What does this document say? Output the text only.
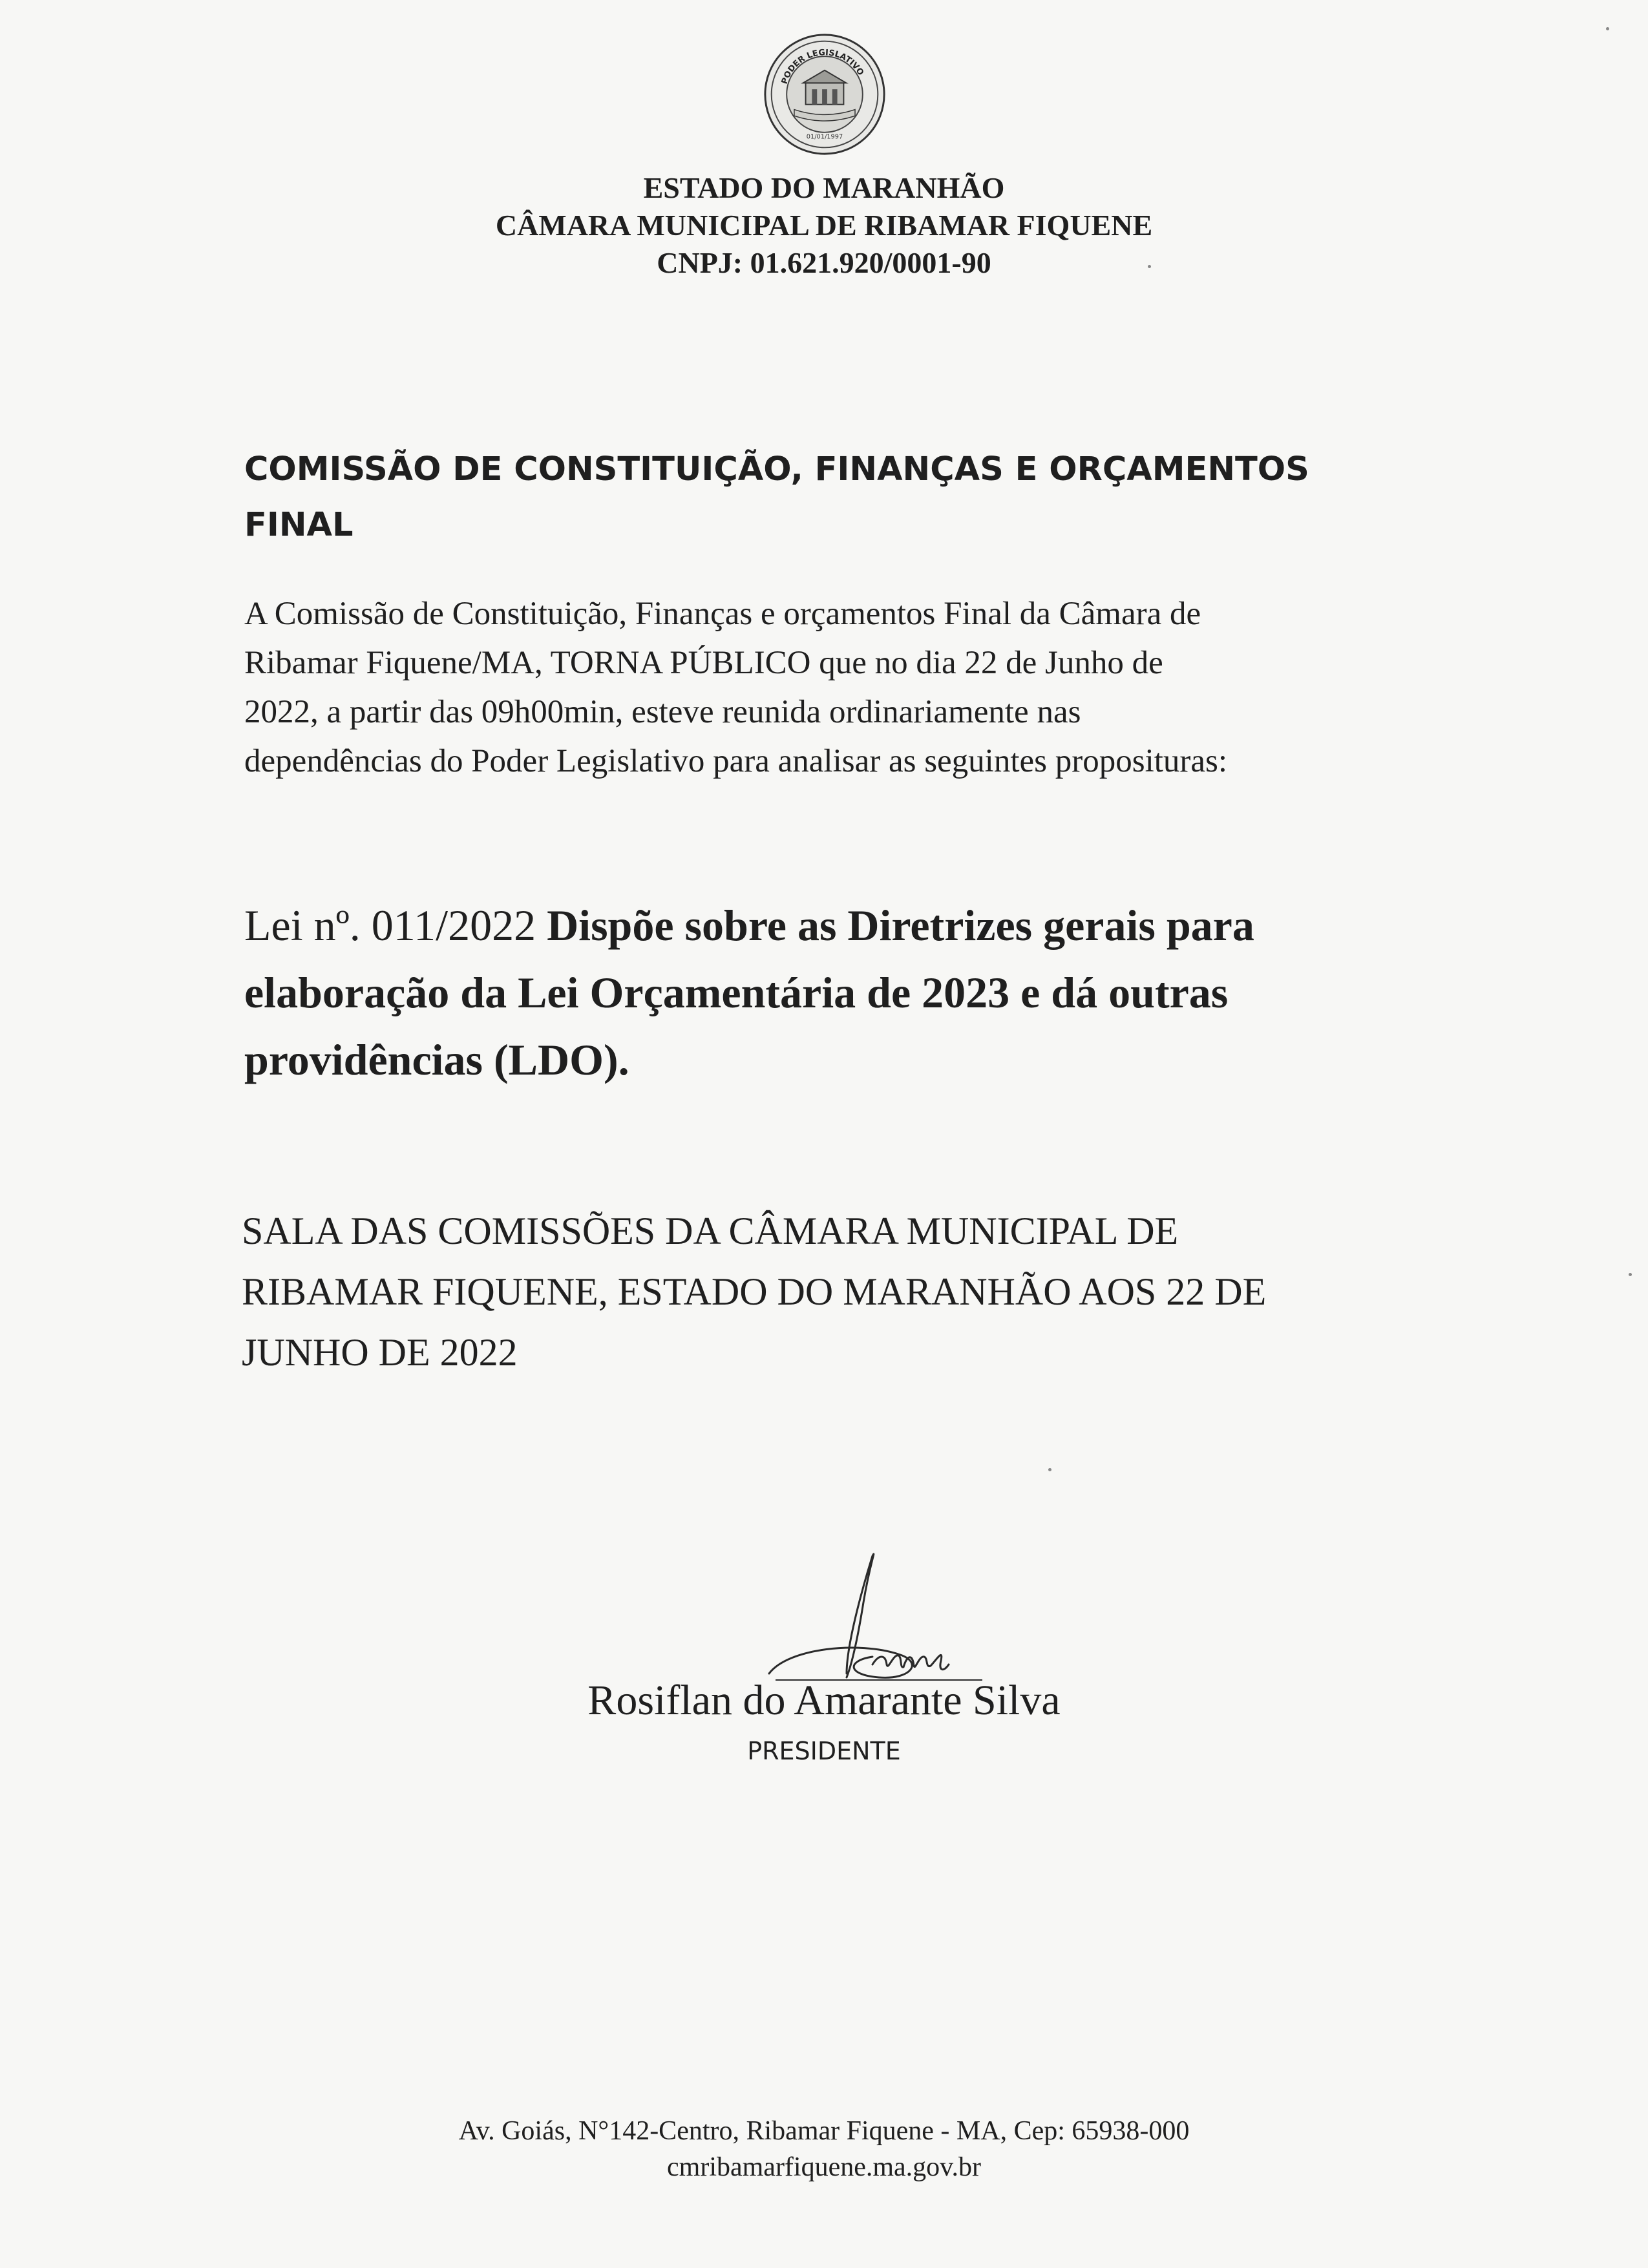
PODER LEGISLATIVO
01/01/1997
ESTADO DO MARANHÃO
CÂMARA MUNICIPAL DE RIBAMAR FIQUENE
CNPJ: 01.621.920/0001-90
COMISSÃO DE CONSTITUIÇÃO, FINANÇAS E ORÇAMENTOS
FINAL
A Comissão de Constituição, Finanças e orçamentos Final da Câmara de
Ribamar Fiquene/MA, TORNA PÚBLICO que no dia 22 de Junho de
2022, a partir das 09h00min, esteve reunida ordinariamente nas
dependências do Poder Legislativo para analisar as seguintes proposituras:
Lei nº. 011/2022 Dispõe sobre as Diretrizes gerais para
elaboração da Lei Orçamentária de 2023 e dá outras
providências (LDO).
SALA DAS COMISSÕES DA CÂMARA MUNICIPAL DE
RIBAMAR FIQUENE, ESTADO DO MARANHÃO AOS 22 DE
JUNHO DE 2022
Rosiflan do Amarante Silva
PRESIDENTE
Av. Goiás, N°142-Centro, Ribamar Fiquene - MA, Cep: 65938-000
cmribamarfiquene.ma.gov.br
